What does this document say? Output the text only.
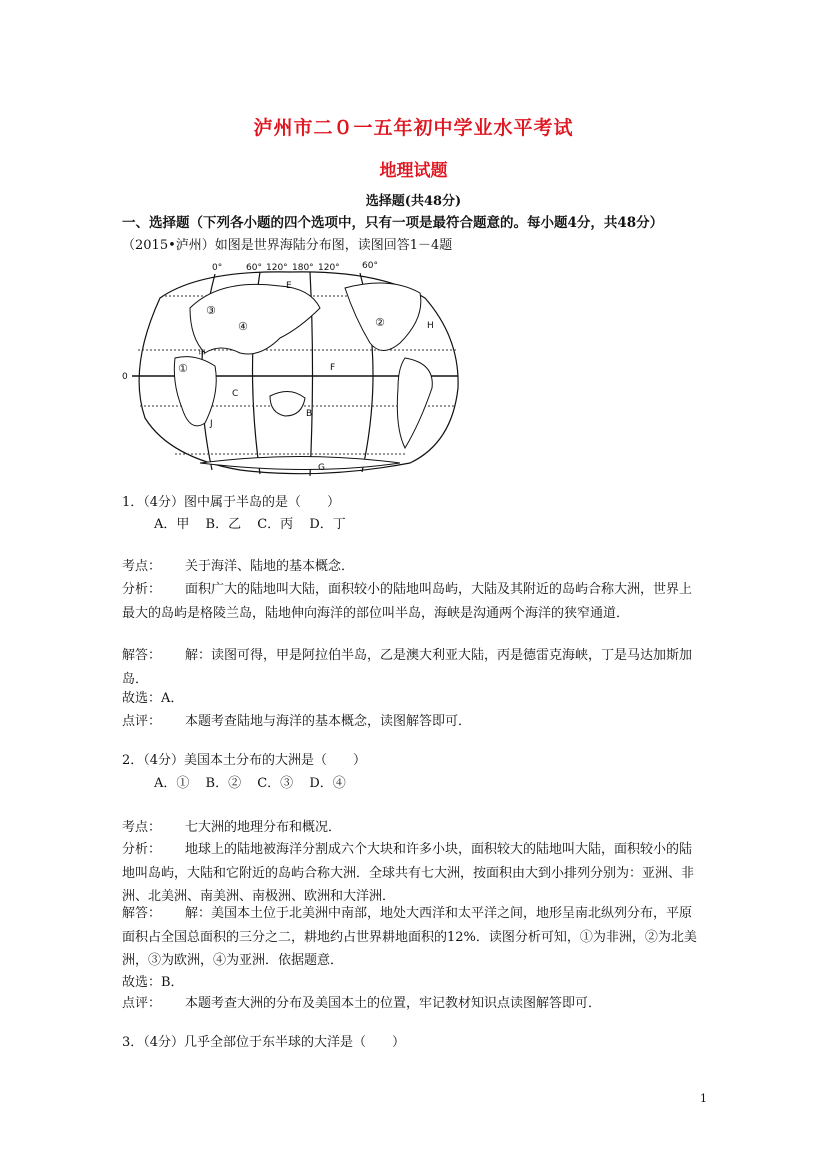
泸州市二０一五年初中学业水平考试
地理试题
选择题(共48分)
一、选择题（下列各小题的四个选项中，只有一项是最符合题意的。每小题4分，共48分）
（2015•泸州）如图是世界海陆分布图，读图回答1－4题
0°	60° 120° 180° 120° 60°
0
③
④
①
②
E
F
C
H
甲
J
B
G
1．（4分）图中属于半岛的是（　　）
A．甲 B．乙 C．丙 D．丁
考点： 关于海洋、陆地的基本概念．
分析： 面积广大的陆地叫大陆，面积较小的陆地叫岛屿，大陆及其附近的岛屿合称大洲，世界上最大的岛屿是格陵兰岛，陆地伸向海洋的部位叫半岛，海峡是沟通两个海洋的狭窄通道．
解答： 解：读图可得，甲是阿拉伯半岛，乙是澳大利亚大陆，丙是德雷克海峡，丁是马达加斯加岛．
故选：A．
点评： 本题考查陆地与海洋的基本概念，读图解答即可．
2．（4分）美国本土分布的大洲是（　　）
A．① B．② C．③ D．④
考点： 七大洲的地理分布和概况．
分析： 地球上的陆地被海洋分割成六个大块和许多小块，面积较大的陆地叫大陆，面积较小的陆地叫岛屿，大陆和它附近的岛屿合称大洲．全球共有七大洲，按面积由大到小排列分别为：亚洲、非洲、北美洲、南美洲、南极洲、欧洲和大洋洲．
解答： 解：美国本土位于北美洲中南部，地处大西洋和太平洋之间，地形呈南北纵列分布，平原面积占全国总面积的三分之二，耕地约占世界耕地面积的12%．读图分析可知，①为非洲，②为北美洲，③为欧洲，④为亚洲．依据题意．
故选：B．
点评： 本题考查大洲的分布及美国本土的位置，牢记教材知识点读图解答即可．
3．（4分）几乎全部位于东半球的大洋是（　　）
1
